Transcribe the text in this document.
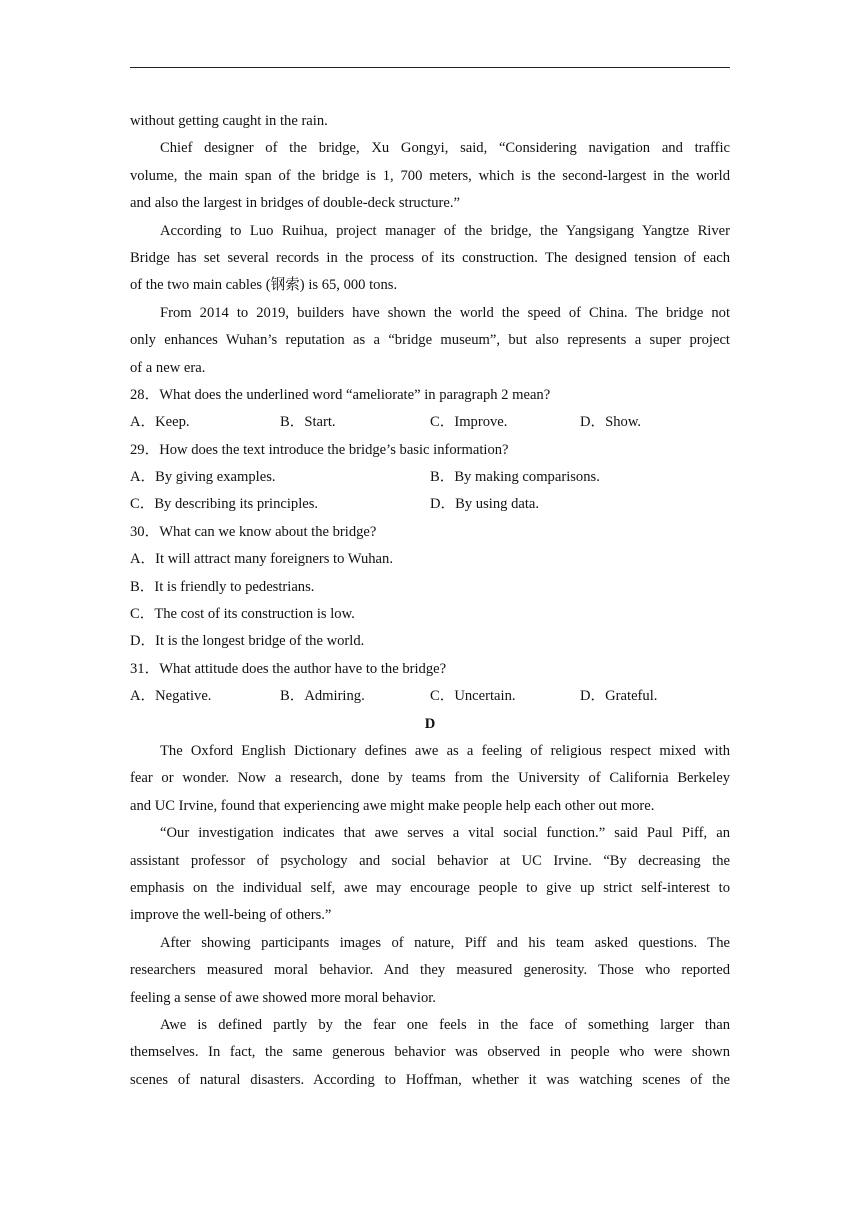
without getting caught in the rain.
Chief designer of the bridge, Xu Gongyi, said, “Considering navigation and traffic
volume, the main span of the bridge is 1, 700 meters, which is the second-largest in the world
and also the largest in bridges of double-deck structure.”
According to Luo Ruihua, project manager of the bridge, the Yangsigang Yangtze River
Bridge has set several records in the process of its construction. The designed tension of each
of the two main cables (钢索) is 65, 000 tons.
From 2014 to 2019, builders have shown the world the speed of China. The bridge not
only enhances Wuhan’s reputation as a “bridge museum”, but also represents a super project
of a new era.
28．What does the underlined word “ameliorate” in paragraph 2 mean?
A．Keep.	B．Start.	C．Improve.	D．Show.
29．How does the text introduce the bridge’s basic information?
A．By giving examples.	B．By making comparisons.
C．By describing its principles.	D．By using data.
30．What can we know about the bridge?
A．It will attract many foreigners to Wuhan.
B．It is friendly to pedestrians.
C．The cost of its construction is low.
D．It is the longest bridge of the world.
31．What attitude does the author have to the bridge?
A．Negative.	B．Admiring.	C．Uncertain.	D．Grateful.
D
The Oxford English Dictionary defines awe as a feeling of religious respect mixed with
fear or wonder. Now a research, done by teams from the University of California Berkeley
and UC Irvine, found that experiencing awe might make people help each other out more.
“Our investigation indicates that awe serves a vital social function.” said Paul Piff, an
assistant professor of psychology and social behavior at UC Irvine. “By decreasing the
emphasis on the individual self, awe may encourage people to give up strict self-interest to
improve the well-being of others.”
After showing participants images of nature, Piff and his team asked questions. The
researchers measured moral behavior. And they measured generosity. Those who reported
feeling a sense of awe showed more moral behavior.
Awe is defined partly by the fear one feels in the face of something larger than
themselves. In fact, the same generous behavior was observed in people who were shown
scenes of natural disasters. According to Hoffman, whether it was watching scenes of the
